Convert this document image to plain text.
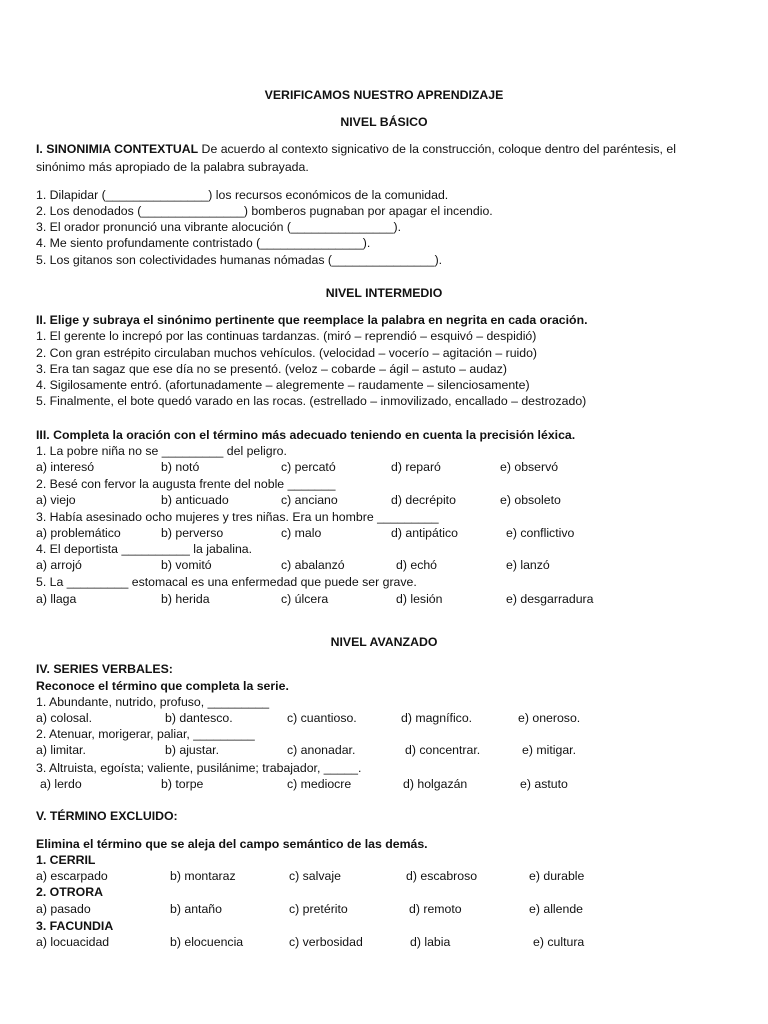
VERIFICAMOS NUESTRO APRENDIZAJE
NIVEL BÁSICO
I. SINONIMIA CONTEXTUAL De acuerdo al contexto signicativo de la construcción, coloque dentro del paréntesis, el
sinónimo más apropiado de la palabra subrayada.
1. Dilapidar (_______________) los recursos económicos de la comunidad.
2. Los denodados (_______________) bomberos pugnaban por apagar el incendio.
3. El orador pronunció una vibrante alocución (_______________).
4. Me siento profundamente contristado (_______________).
5. Los gitanos son colectividades humanas nómadas (_______________).
NIVEL INTERMEDIO
II. Elige y subraya el sinónimo pertinente que reemplace la palabra en negrita en cada oración.
1. El gerente lo increpó por las continuas tardanzas. (miró – reprendió – esquivó – despidió)
2. Con gran estrépito circulaban muchos vehículos. (velocidad – vocerío – agitación – ruido)
3. Era tan sagaz que ese día no se presentó. (veloz – cobarde – ágil – astuto – audaz)
4. Sigilosamente entró. (afortunadamente – alegremente – raudamente – silenciosamente)
5. Finalmente, el bote quedó varado en las rocas. (estrellado – inmovilizado, encallado – destrozado)
III. Completa la oración con el término más adecuado teniendo en cuenta la precisión léxica.
1. La pobre niña no se _________ del peligro.
a) interesó	b) notó	c) percató	d) reparó	e) observó
2. Besé con fervor la augusta frente del noble _______
a) viejo	b) anticuado	c) anciano	d) decrépito	e) obsoleto
3. Había asesinado ocho mujeres y tres niñas. Era un hombre _________
a) problemático	b) perverso	c) malo	d) antipático	e) conflictivo
4. El deportista __________ la jabalina.
a) arrojó	b) vomitó	c) abalanzó	d) echó	e) lanzó
5. La _________ estomacal es una enfermedad que puede ser grave.
a) llaga	b) herida	c) úlcera	d) lesión	e) desgarradura
NIVEL AVANZADO
IV. SERIES VERBALES:
Reconoce el término que completa la serie.
1. Abundante, nutrido, profuso, _________
a) colosal.	b) dantesco.	c) cuantioso.	d) magnífico.	e) oneroso.
2. Atenuar, morigerar, paliar, _________
a) limitar.	b) ajustar.	c) anonadar.	d) concentrar.	e) mitigar.
3. Altruista, egoísta; valiente, pusilánime; trabajador, _____.
a) lerdo	b) torpe	c) mediocre	d) holgazán	e) astuto
V. TÉRMINO EXCLUIDO:
Elimina el término que se aleja del campo semántico de las demás.
1. CERRIL
a) escarpado	b) montaraz	c) salvaje	d) escabroso	e) durable
2. OTRORA
a) pasado	b) antaño	c) pretérito	d) remoto	e) allende
3. FACUNDIA
a) locuacidad	b) elocuencia	c) verbosidad	d) labia	e) cultura
